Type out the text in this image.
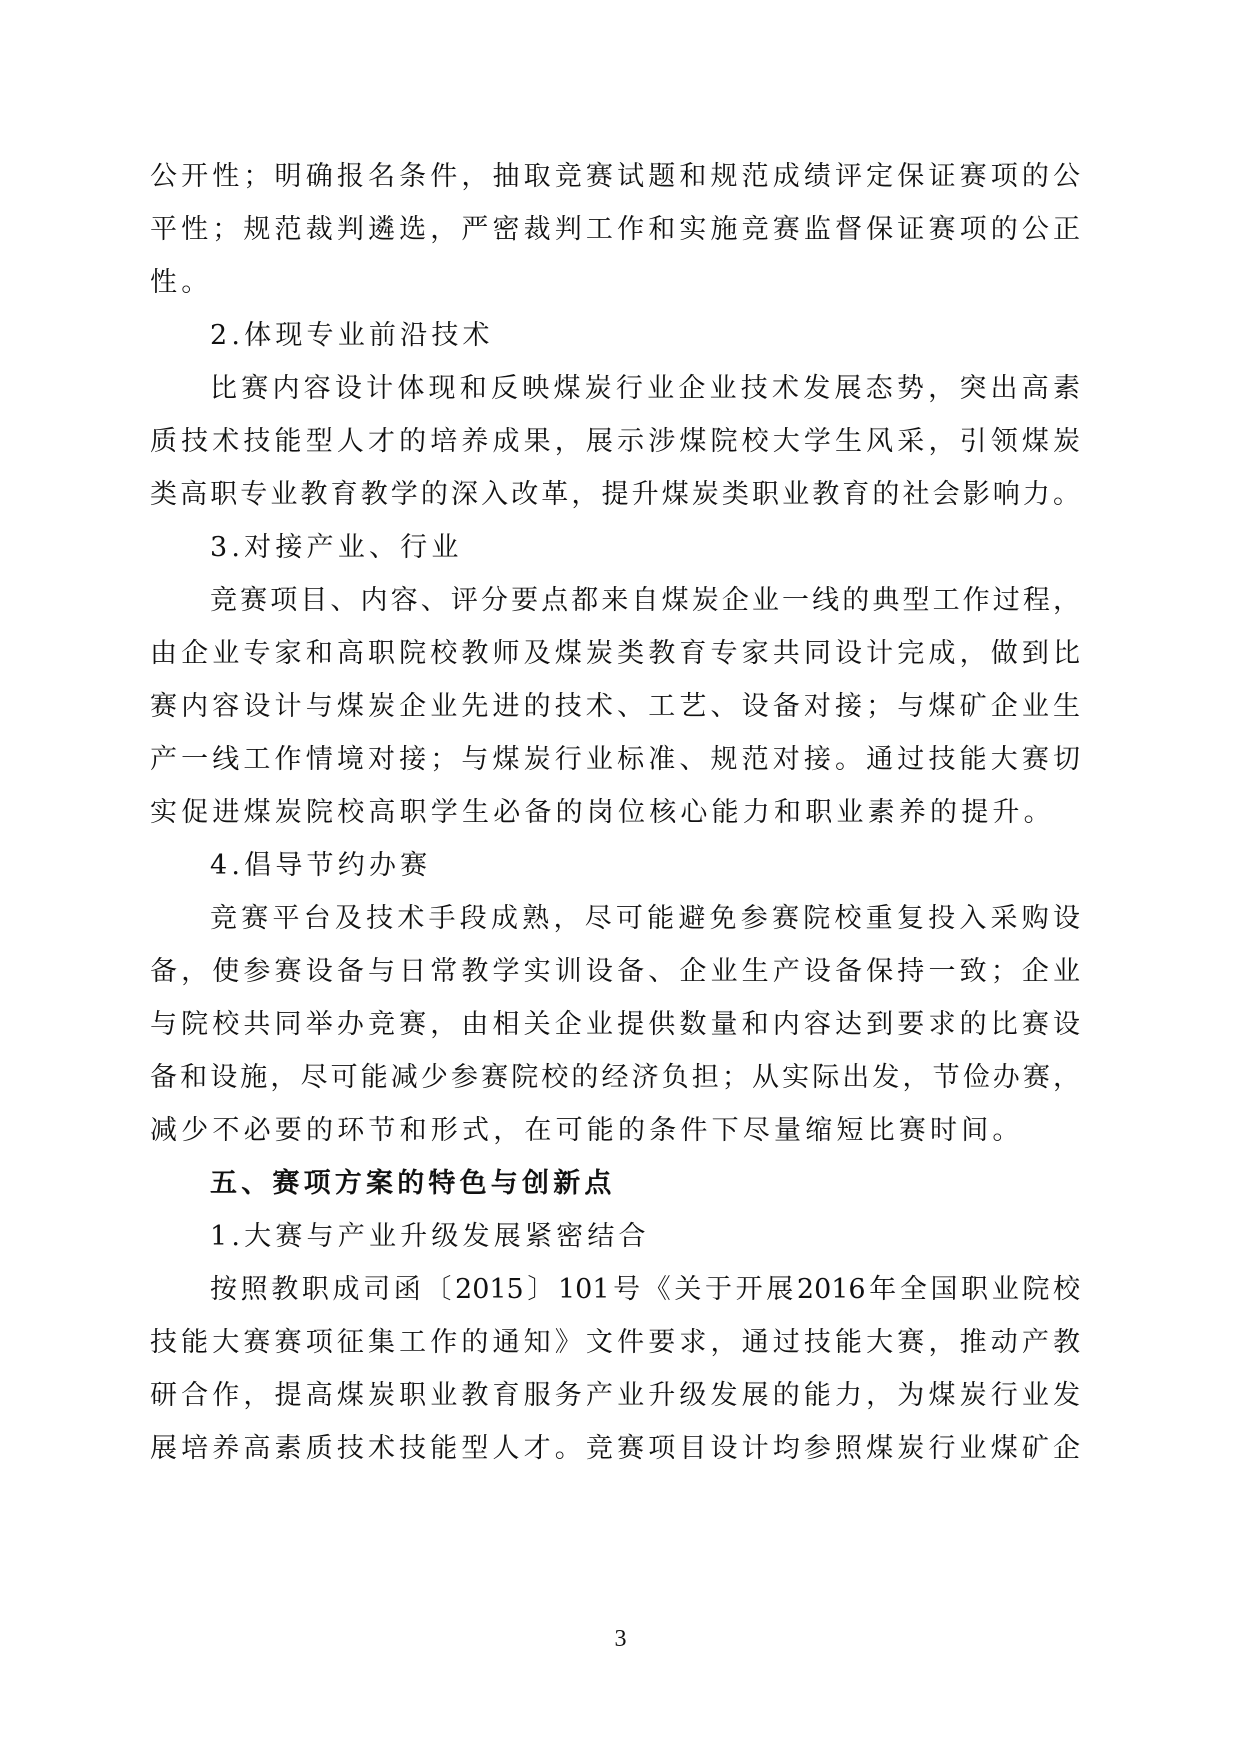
公开性；明确报名条件，抽取竞赛试题和规范成绩评定保证赛项的公
平性；规范裁判遴选，严密裁判工作和实施竞赛监督保证赛项的公正
性。
2.体现专业前沿技术
比赛内容设计体现和反映煤炭行业企业技术发展态势，突出高素
质技术技能型人才的培养成果，展示涉煤院校大学生风采，引领煤炭
类高职专业教育教学的深入改革，提升煤炭类职业教育的社会影响力。
3.对接产业、行业
竞赛项目、内容、评分要点都来自煤炭企业一线的典型工作过程，
由企业专家和高职院校教师及煤炭类教育专家共同设计完成，做到比
赛内容设计与煤炭企业先进的技术、工艺、设备对接；与煤矿企业生
产一线工作情境对接；与煤炭行业标准、规范对接。通过技能大赛切
实促进煤炭院校高职学生必备的岗位核心能力和职业素养的提升。
4.倡导节约办赛
竞赛平台及技术手段成熟，尽可能避免参赛院校重复投入采购设
备，使参赛设备与日常教学实训设备、企业生产设备保持一致；企业
与院校共同举办竞赛，由相关企业提供数量和内容达到要求的比赛设
备和设施，尽可能减少参赛院校的经济负担；从实际出发，节俭办赛，
减少不必要的环节和形式，在可能的条件下尽量缩短比赛时间。
五、赛项方案的特色与创新点
1.大赛与产业升级发展紧密结合
按照教职成司函〔2015〕101号《关于开展2016年全国职业院校
技能大赛赛项征集工作的通知》文件要求，通过技能大赛，推动产教
研合作，提高煤炭职业教育服务产业升级发展的能力，为煤炭行业发
展培养高素质技术技能型人才。竞赛项目设计均参照煤炭行业煤矿企
3
